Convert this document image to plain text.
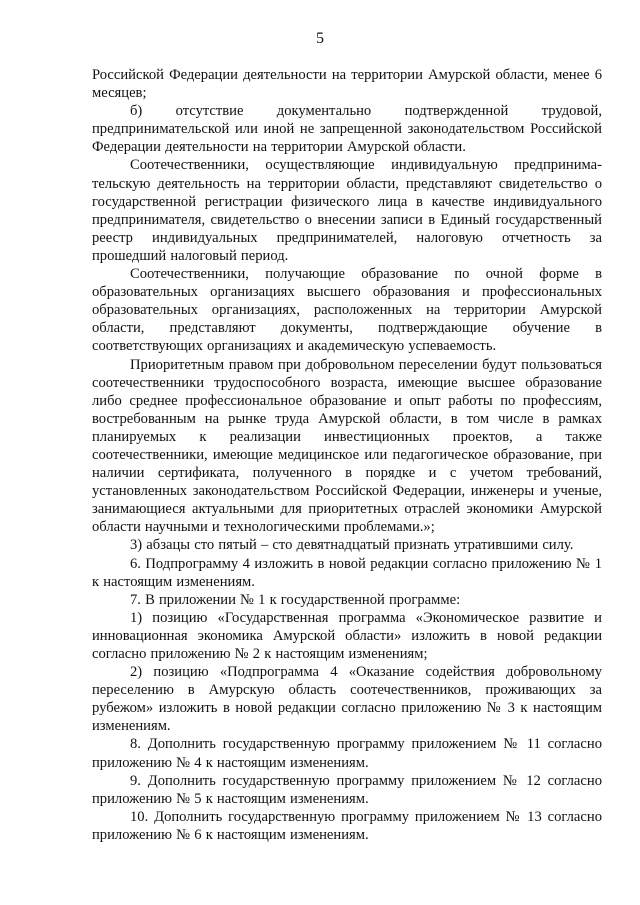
5

Российской Федерации деятельности на территории Амурской области, менее 6 месяцев;

б) отсутствие документально подтвержденной трудовой, предпринимательской или иной не запрещенной законодательством Российской Федерации деятельности на территории Амурской области.

Соотечественники, осуществляющие индивидуальную предпринимательскую деятельность на территории области, представляют свидетельство о государственной регистрации физического лица в качестве индивидуального предпринимателя, свидетельство о внесении записи в Единый государственный реестр индивидуальных предпринимателей, налоговую отчетность за прошедший налоговый период.

Соотечественники, получающие образование по очной форме в образовательных организациях высшего образования и профессиональных образовательных организациях, расположенных на территории Амурской области, представляют документы, подтверждающие обучение в соответствующих организациях и академическую успеваемость.

Приоритетным правом при добровольном переселении будут пользоваться соотечественники трудоспособного возраста, имеющие высшее образование либо среднее профессиональное образование и опыт работы по профессиям, востребованным на рынке труда Амурской области, в том числе в рамках планируемых к реализации инвестиционных проектов, а также соотечественники, имеющие медицинское или педагогическое образование, при наличии сертификата, полученного в порядке и с учетом требований, установленных законодательством Российской Федерации, инженеры и ученые, занимающиеся актуальными для приоритетных отраслей экономики Амурской области научными и технологическими проблемами.»;

3) абзацы сто пятый – сто девятнадцатый признать утратившими силу.

6. Подпрограмму 4 изложить в новой редакции согласно приложению № 1 к настоящим изменениям.

7. В приложении № 1 к государственной программе:

1) позицию «Государственная программа «Экономическое развитие и инновационная экономика Амурской области» изложить в новой редакции согласно приложению № 2 к настоящим изменениям;

2) позицию «Подпрограмма 4 «Оказание содействия добровольному переселению в Амурскую область соотечественников, проживающих за рубежом» изложить в новой редакции согласно приложению № 3 к настоящим изменениям.

8. Дополнить государственную программу приложением № 11 согласно приложению № 4 к настоящим изменениям.

9. Дополнить государственную программу приложением № 12 согласно приложению № 5 к настоящим изменениям.

10. Дополнить государственную программу приложением № 13 согласно приложению № 6 к настоящим изменениям.
